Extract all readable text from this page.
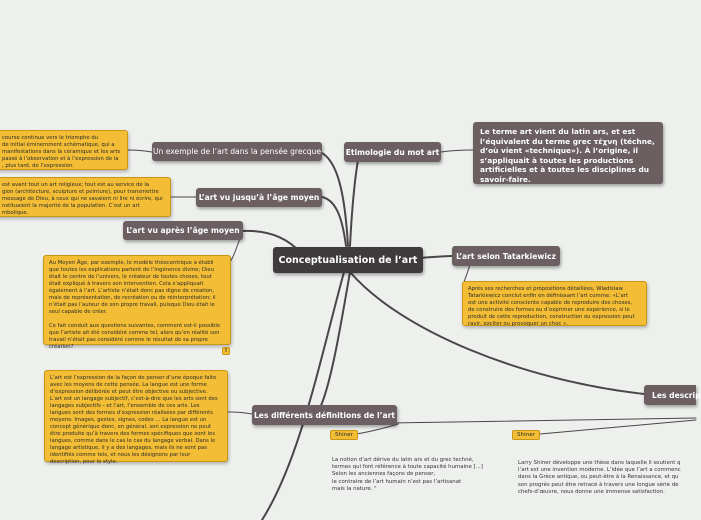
Conceptualisation de l’art
Un exemple de l’art dans la pensée grecque
L’art vu jusqu’à l’âge moyen
L’art vu après l’âge moyen
Etimologie du mot art
L’art selon Tatarkiewicz
Les différents définitions de l’art
Les descrip
course continue vers le triomphe du
de initial éminemment schématique, qui a
manifestations dans la céramique et les arts
passé à l’observation et à l’expression de la
, plus tard, de l’expression.
est avant tout un art religieux; tout est au service de la
gion (architecture, sculpture et peinture), pour transmettre
message de Dieu, à ceux qui ne savaient ni lire ni écrire, qui
nstituaient la majorité de la population. C’est un art
mbolique.
Au Moyen Âge, par exemple, le modèle théocentrique a établi
que toutes les explications partent de l’ingérence divine; Dieu
était le centre de l’univers, le créateur de toutes choses, tout
était expliqué à travers son intervention. Cela s’appliquait
également à l’art. L’artiste n’était donc pas digne de création,
mais de représentation, de recréation ou de réinterprétation; il
n’était pas l’auteur de son propre travail, puisque Dieu était le
seul capable de créer.

Ce fait conduit aux questions suivantes, comment est-il possible
que l’artiste ait été considéré comme tel, alors qu’en réalité son
travail n’était pas considéré comme le résultat de sa propre
création?
!
L’art est l’expression de la façon de penser d’une époque faite
avec les moyens de cette pensée. La langue est une forme
d’expression délibérée et peut être objective ou subjective.
L’art est un langage subjectif, c’est-à-dire que les arts sont des
langages subjectifs - et l’art, l’ensemble de ces arts. Les
langues sont des formes d’expression réalisées par différents
moyens: Images, gestes, signes, codes ... La langue est un
concept générique donc, en général, son expression ne peut
être produite qu’à travers des formes spécifiques que sont les
langues, comme dans le cas le cas du langage verbal. Dans le
langage artistique, il y a des langages, mais ils ne sont pas
identifiés comme tels, et nous les désignons par leur
description, pour le style.
Après ses recherches et propositions détaillées, Wladislaw
Tatarkiewicz conclut enfin en définissant l’art comme: «L’art
est une activité consciente capable de reproduire des choses,
de construire des formes ou d’exprimer une expérience, si le
produit de cette reproduction, construction ou expression peut
ravir, exciter ou provoquer un choc ».
Le terme art vient du latin ars, et est
l’équivalent du terme grec τέχνη (téchne,
d’où vient «technique»). À l’origine, il
s’appliquait à toutes les productions
artificielles et à toutes les disciplines du
savoir-faire.
Shiner
La notion d’art dérive du latin ars et du grec techné,
termes qui font référence à toute capacité humaine [...]
Selon les anciennes façons de penser,
le contraire de l’art humain n’est pas l’artisanat
mais la nature. "
Shiner
Larry Shiner développe une thèse dans laquelle il soutient q
l’art est une invention moderne. L’idée que l’art a commenc
dans la Grèce antique, ou peut-être à la Renaissance, et qu
son progrès peut être retracé à travers une longue série de
chefs-d’œuvre, nous donne une immense satisfaction.
